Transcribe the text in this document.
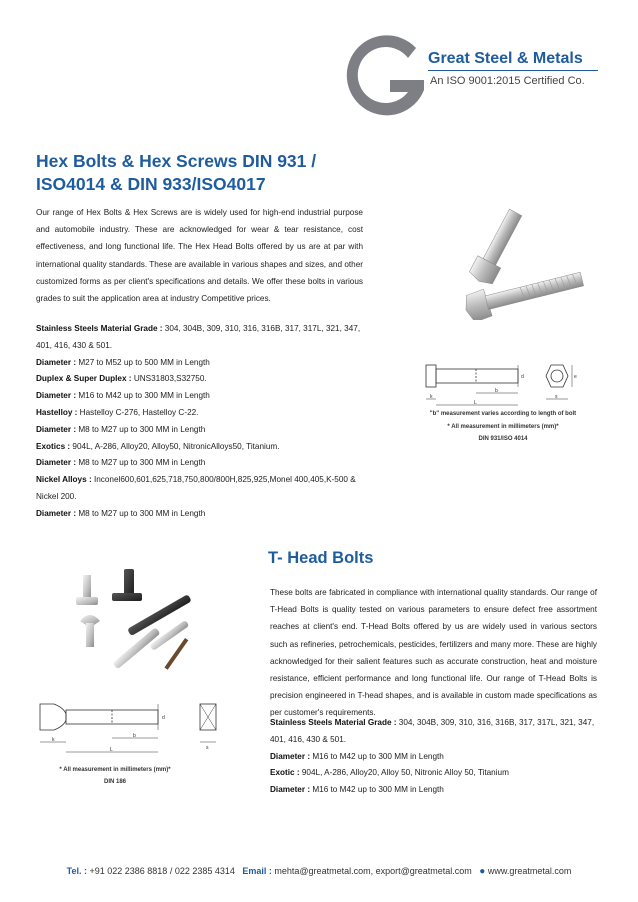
Great Steel & Metals
An ISO 9001:2015 Certified Co.
Hex Bolts & Hex Screws DIN 931 /
ISO4014 & DIN 933/ISO4017
Our range of Hex Bolts & Hex Screws are is widely used for high-end industrial purpose and automobile industry. These are acknowledged for wear & tear resistance, cost effectiveness, and long functional life. The Hex Head Bolts offered by us are at par with international quality standards. These are available in various shapes and sizes, and other customized forms as per client's specifications and details. We offer these bolts in various grades to suit the application area at industry Competitive prices.
Stainless Steels Material Grade : 304, 304B, 309, 310, 316, 316B, 317, 317L, 321, 347, 401, 416, 430 & 501.
Diameter : M27 to M52 up to 500 MM in Length
Duplex & Super Duplex : UNS31803,S32750.
Diameter : M16 to M42 up to 300 MM in Length
Hastelloy : Hastelloy C-276, Hastelloy C-22.
Diameter : M8 to M27 up to 300 MM in Length
Exotics : 904L, A-286, Alloy20, Alloy50, NitronicAlloys50, Titanium.
Diameter : M8 to M27 up to 300 MM in Length
Nickel Alloys : Inconel600,601,625,718,750,800/800H,825,925,Monel 400,405,K-500 & Nickel 200.
Diameter : M8 to M27 up to 300 MM in Length
k
L
b
d
s
e
"b" measurement varies according to length of bolt
* All measurement in millimeters (mm)*
DIN 931/ISO 4014
T- Head Bolts
These bolts are fabricated in compliance with international quality standards. Our range of T-Head Bolts is quality tested on various parameters to ensure defect free assortment reaches at client's end. T-Head Bolts offered by us are widely used in various sectors such as refineries, petrochemicals, pesticides, fertilizers and many more. These are highly acknowledged for their salient features such as accurate construction, heat and moisture resistance, efficient performance and long functional life. Our range of T-Head Bolts is precision engineered in T-head shapes, and is available in custom made specifications as per customer's requirements.
Stainless Steels Material Grade : 304, 304B, 309, 310, 316, 316B, 317, 317L, 321, 347, 401, 416, 430 & 501.
Diameter : M16 to M42 up to 300 MM in Length
Exotic : 904L, A-286, Alloy20, Alloy 50, Nitronic Alloy 50, Titanium
Diameter : M16 to M42 up to 300 MM in Length
k
L
b
d
s
* All measurement in millimeters (mm)*
DIN 186
Tel. : +91 022 2386 8818 / 022 2385 4314 Email : mehta@greatmetal.com, export@greatmetal.com ● www.greatmetal.com
